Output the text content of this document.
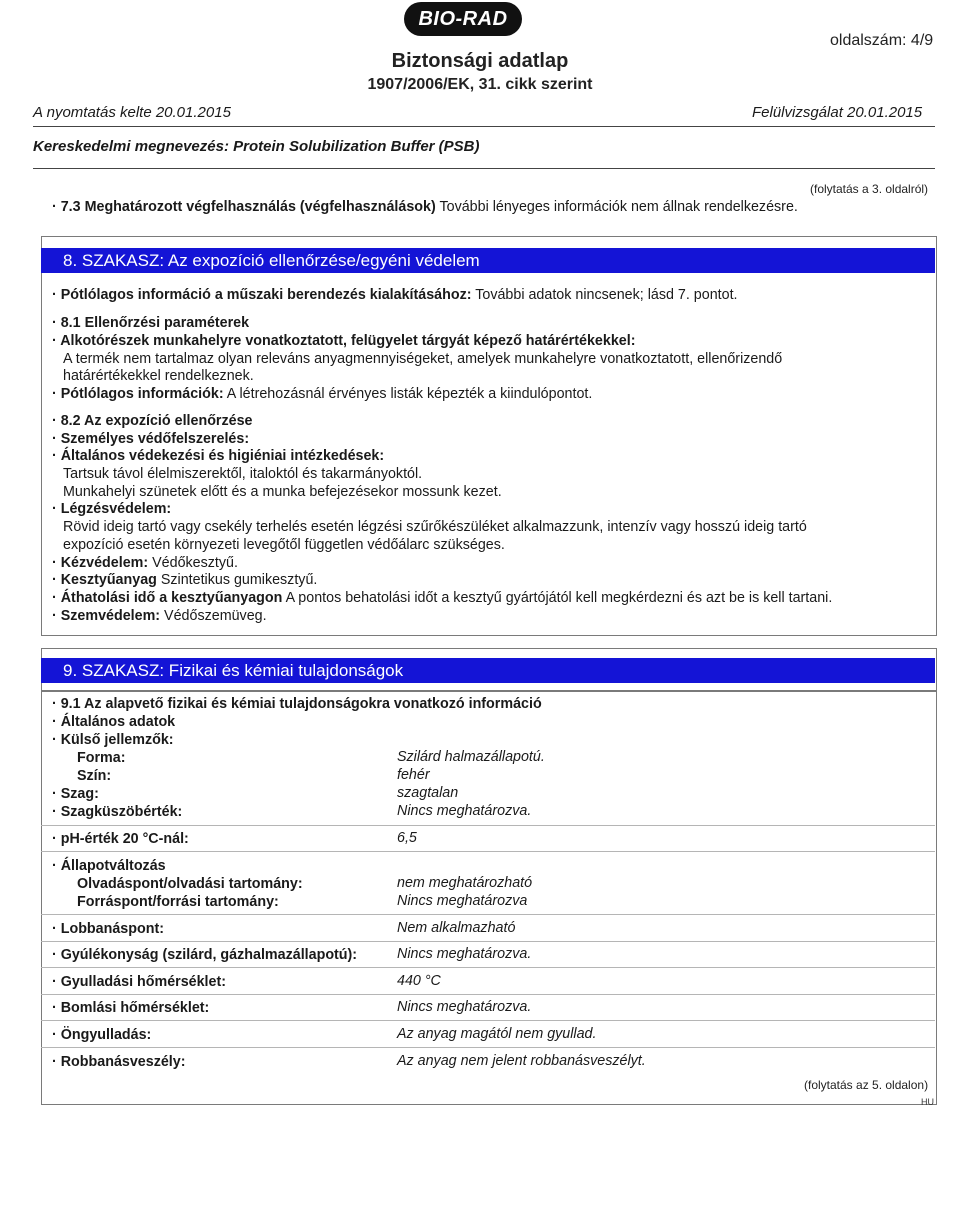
BIO-RAD
oldalszám: 4/9
Biztonsági adatlap
1907/2006/EK, 31. cikk szerint
A nyomtatás kelte 20.01.2015	Felülvizsgálat 20.01.2015
Kereskedelmi megnevezés: Protein Solubilization Buffer (PSB)
(folytatás a 3. oldalról)
· 7.3 Meghatározott végfelhasználás (végfelhasználások) További lényeges információk nem állnak rendelkezésre.
8. SZAKASZ: Az expozíció ellenőrzése/egyéni védelem
· Pótlólagos információ a műszaki berendezés kialakításához: További adatok nincsenek; lásd 7. pontot.
· 8.1 Ellenőrzési paraméterek
· Alkotórészek munkahelyre vonatkoztatott, felügyelet tárgyát képező határértékekkel:
A termék nem tartalmaz olyan releváns anyagmennyiségeket, amelyek munkahelyre vonatkoztatott, ellenőrizendő
határértékekkel rendelkeznek.
· Pótlólagos információk: A létrehozásnál érvényes listák képezték a kiindulópontot.
· 8.2 Az expozíció ellenőrzése
· Személyes védőfelszerelés:
· Általános védekezési és higiéniai intézkedések:
Tartsuk távol élelmiszerektől, italoktól és takarmányoktól.
Munkahelyi szünetek előtt és a munka befejezésekor mossunk kezet.
· Légzésvédelem:
Rövid ideig tartó vagy csekély terhelés esetén légzési szűrőkészüléket alkalmazzunk, intenzív vagy hosszú ideig tartó
expozíció esetén környezeti levegőtől független védőálarc szükséges.
· Kézvédelem: Védőkesztyű.
· Kesztyűanyag Szintetikus gumikesztyű.
· Áthatolási idő a kesztyűanyagon A pontos behatolási időt a kesztyű gyártójától kell megkérdezni és azt be is kell tartani.
· Szemvédelem: Védőszemüveg.
9. SZAKASZ: Fizikai és kémiai tulajdonságok
· 9.1 Az alapvető fizikai és kémiai tulajdonságokra vonatkozó információ
· Általános adatok
· Külső jellemzők:
Forma:	Szilárd halmazállapotú.
Szín:	fehér
· Szag:	szagtalan
· Szagküszöbérték:	Nincs meghatározva.
· pH-érték 20 °C-nál:	6,5
· Állapotváltozás
Olvadáspont/olvadási tartomány:	nem meghatározható
Forráspont/forrási tartomány:	Nincs meghatározva
· Lobbanáspont:	Nem alkalmazható
· Gyúlékonyság (szilárd, gázhalmazállapotú):	Nincs meghatározva.
· Gyulladási hőmérséklet:	440 °C
· Bomlási hőmérséklet:	Nincs meghatározva.
· Öngyulladás:	Az anyag magától nem gyullad.
· Robbanásveszély:	Az anyag nem jelent robbanásveszélyt.
(folytatás az 5. oldalon)
HU
